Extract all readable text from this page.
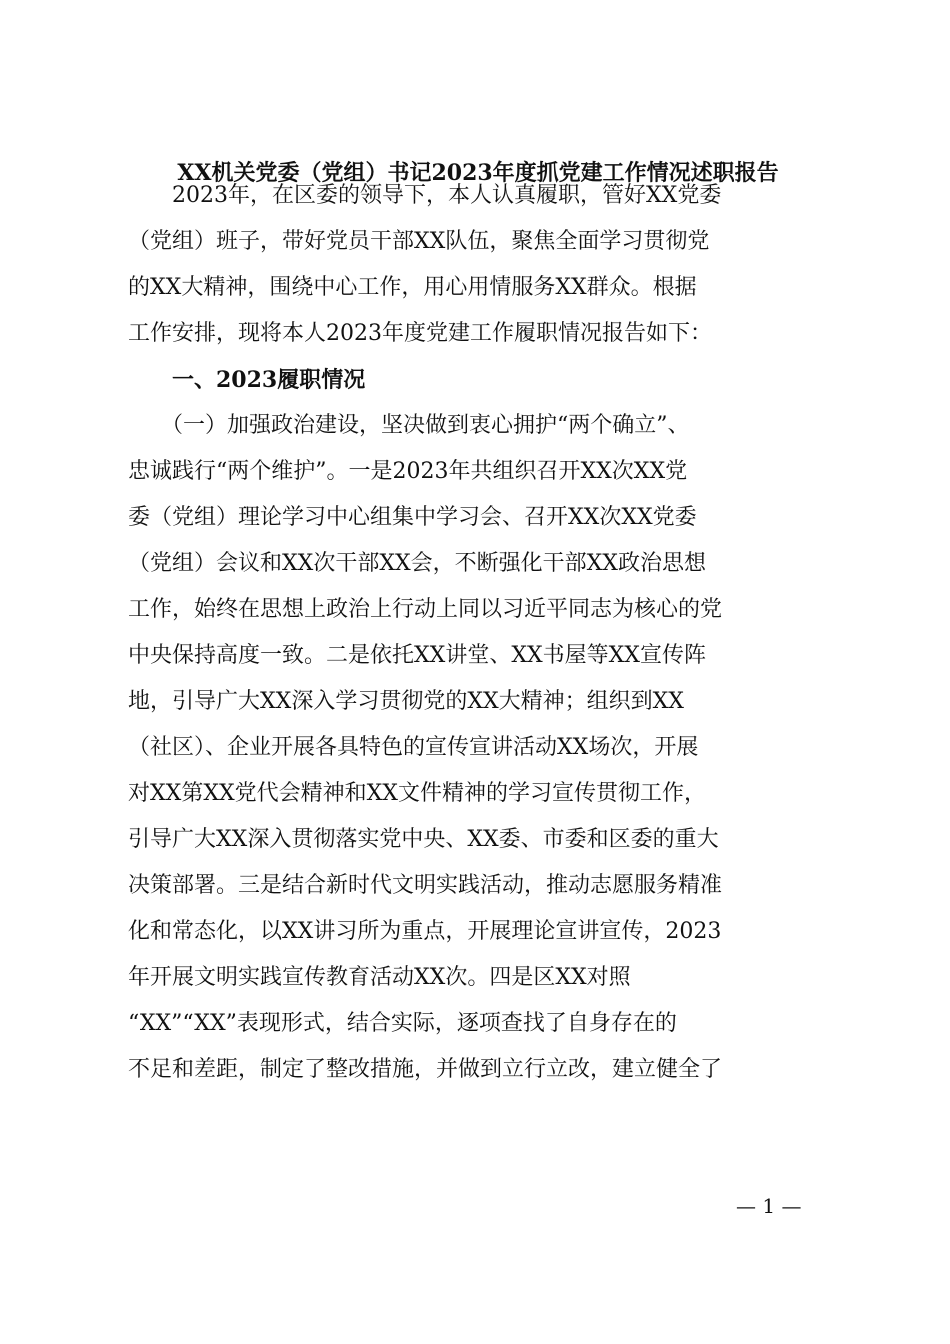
XX机关党委（党组）书记2023年度抓党建工作情况述职报告
　　2023年，在区委的领导下，本人认真履职，管好XX党委
（党组）班子，带好党员干部XX队伍，聚焦全面学习贯彻党
的XX大精神，围绕中心工作，用心用情服务XX群众。根据
工作安排，现将本人2023年度党建工作履职情况报告如下：
　　一、2023履职情况
　　（一）加强政治建设，坚决做到衷心拥护“两个确立”、
忠诚践行“两个维护”。一是2023年共组织召开XX次XX党
委（党组）理论学习中心组集中学习会、召开XX次XX党委
（党组）会议和XX次干部XX会，不断强化干部XX政治思想
工作，始终在思想上政治上行动上同以习近平同志为核心的党
中央保持高度一致。二是依托XX讲堂、XX书屋等XX宣传阵
地，引导广大XX深入学习贯彻党的XX大精神；组织到XX
（社区）、企业开展各具特色的宣传宣讲活动XX场次，开展
对XX第XX党代会精神和XX文件精神的学习宣传贯彻工作，
引导广大XX深入贯彻落实党中央、XX委、市委和区委的重大
决策部署。三是结合新时代文明实践活动，推动志愿服务精准
化和常态化，以XX讲习所为重点，开展理论宣讲宣传，2023
年开展文明实践宣传教育活动XX次。四是区XX对照
“XX”“XX”表现形式，结合实际，逐项查找了自身存在的
不足和差距，制定了整改措施，并做到立行立改，建立健全了
— 1 —
